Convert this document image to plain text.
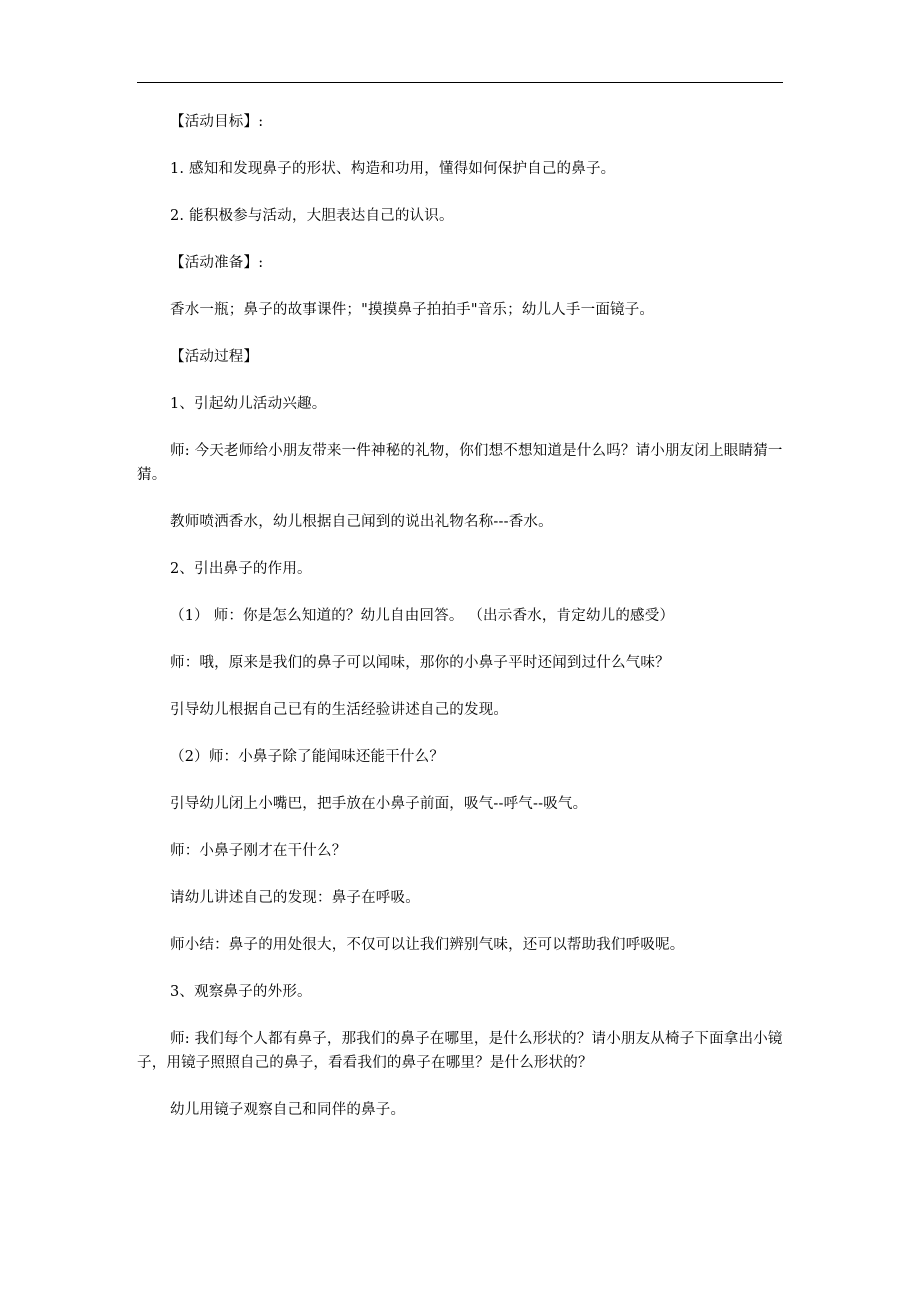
【活动目标】:

1. 感知和发现鼻子的形状、构造和功用，懂得如何保护自己的鼻子。

2. 能积极参与活动，大胆表达自己的认识。

【活动准备】:

香水一瓶；鼻子的故事课件；"摸摸鼻子拍拍手"音乐；幼儿人手一面镜子。

【活动过程】

1、引起幼儿活动兴趣。

师: 今天老师给小朋友带来一件神秘的礼物，你们想不想知道是什么吗？请小朋友闭上眼睛猜一猜。

教师喷洒香水，幼儿根据自己闻到的说出礼物名称---香水。

2、引出鼻子的作用。

（1） 师：你是怎么知道的？幼儿自由回答。 （出示香水，肯定幼儿的感受）

师：哦，原来是我们的鼻子可以闻味，那你的小鼻子平时还闻到过什么气味？

引导幼儿根据自己已有的生活经验讲述自己的发现。

（2）师：小鼻子除了能闻味还能干什么？

引导幼儿闭上小嘴巴，把手放在小鼻子前面，吸气--呼气--吸气。

师：小鼻子刚才在干什么？

请幼儿讲述自己的发现：鼻子在呼吸。

师小结：鼻子的用处很大，不仅可以让我们辨别气味，还可以帮助我们呼吸呢。

3、观察鼻子的外形。

师: 我们每个人都有鼻子，那我们的鼻子在哪里，是什么形状的？请小朋友从椅子下面拿出小镜子，用镜子照照自己的鼻子，看看我们的鼻子在哪里？是什么形状的？

幼儿用镜子观察自己和同伴的鼻子。
